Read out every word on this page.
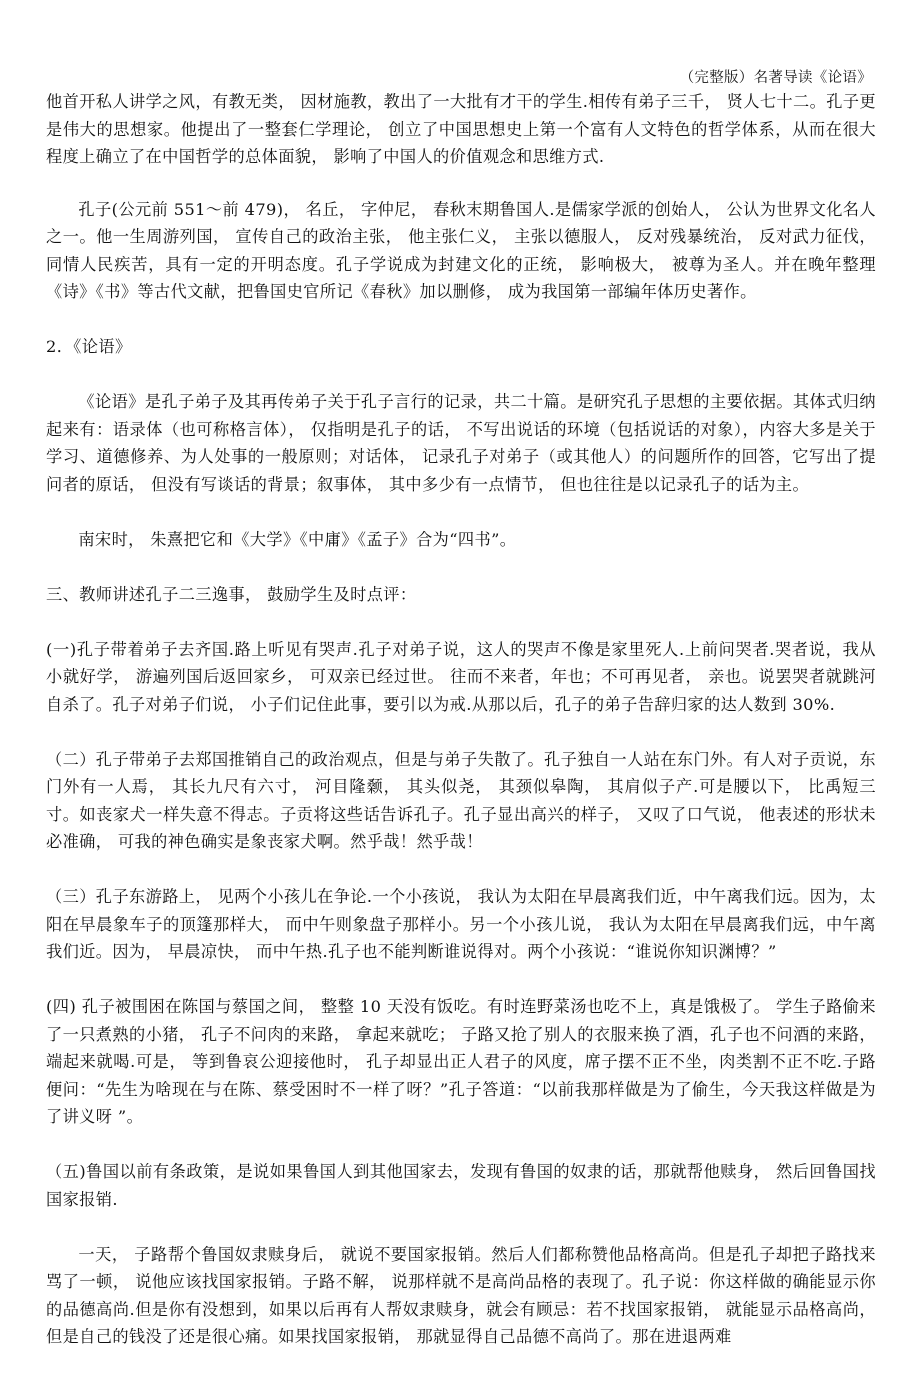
（完整版）名著导读《论语》

他首开私人讲学之风，有教无类， 因材施教，教出了一大批有才干的学生.相传有弟子三千， 贤人七十二。孔子更是伟大的思想家。他提出了一整套仁学理论， 创立了中国思想史上第一个富有人文特色的哲学体系，从而在很大程度上确立了在中国哲学的总体面貌， 影响了中国人的价值观念和思维方式.

孔子(公元前 551～前 479)， 名丘， 字仲尼， 春秋末期鲁国人.是儒家学派的创始人， 公认为世界文化名人之一。他一生周游列国， 宣传自己的政治主张， 他主张仁义， 主张以德服人， 反对残暴统治， 反对武力征伐， 同情人民疾苦，具有一定的开明态度。孔子学说成为封建文化的正统， 影响极大， 被尊为圣人。并在晚年整理《诗》《书》等古代文献，把鲁国史官所记《春秋》加以删修， 成为我国第一部编年体历史著作。

2．《论语》

《论语》是孔子弟子及其再传弟子关于孔子言行的记录，共二十篇。是研究孔子思想的主要依据。其体式归纳起来有：语录体（也可称格言体）， 仅指明是孔子的话， 不写出说话的环境（包括说话的对象），内容大多是关于学习、道德修养、为人处事的一般原则；对话体， 记录孔子对弟子（或其他人）的问题所作的回答，它写出了提问者的原话， 但没有写谈话的背景；叙事体， 其中多少有一点情节， 但也往往是以记录孔子的话为主。

南宋时， 朱熹把它和《大学》《中庸》《孟子》合为“四书”。

三、教师讲述孔子二三逸事， 鼓励学生及时点评：

(一)孔子带着弟子去齐国.路上听见有哭声.孔子对弟子说，这人的哭声不像是家里死人.上前问哭者.哭者说，我从小就好学， 游遍列国后返回家乡， 可双亲已经过世。 往而不来者，年也；不可再见者， 亲也。说罢哭者就跳河自杀了。孔子对弟子们说， 小子们记住此事，要引以为戒.从那以后，孔子的弟子告辞归家的达人数到 30%.

（二）孔子带弟子去郑国推销自己的政治观点，但是与弟子失散了。孔子独自一人站在东门外。有人对子贡说，东门外有一人焉， 其长九尺有六寸， 河目隆颡， 其头似尧， 其颈似皋陶， 其肩似子产.可是腰以下， 比禹短三寸。如丧家犬一样失意不得志。子贡将这些话告诉孔子。孔子显出高兴的样子， 又叹了口气说， 他表述的形状未必准确， 可我的神色确实是象丧家犬啊。然乎哉！然乎哉！

（三）孔子东游路上， 见两个小孩儿在争论.一个小孩说， 我认为太阳在早晨离我们近，中午离我们远。因为，太阳在早晨象车子的顶篷那样大， 而中午则象盘子那样小。另一个小孩儿说， 我认为太阳在早晨离我们远，中午离我们近。因为， 早晨凉快， 而中午热.孔子也不能判断谁说得对。两个小孩说：“谁说你知识渊博？”

(四) 孔子被围困在陈国与蔡国之间， 整整 10 天没有饭吃。有时连野菜汤也吃不上，真是饿极了。 学生子路偷来了一只煮熟的小猪， 孔子不问肉的来路， 拿起来就吃； 子路又抢了别人的衣服来换了酒，孔子也不问酒的来路， 端起来就喝.可是， 等到鲁哀公迎接他时， 孔子却显出正人君子的风度，席子摆不正不坐，肉类割不正不吃.子路便问：“先生为啥现在与在陈、蔡受困时不一样了呀？”孔子答道：“以前我那样做是为了偷生，今天我这样做是为了讲义呀 ”。

（五)鲁国以前有条政策，是说如果鲁国人到其他国家去，发现有鲁国的奴隶的话，那就帮他赎身， 然后回鲁国找国家报销.

一天， 子路帮个鲁国奴隶赎身后， 就说不要国家报销。然后人们都称赞他品格高尚。但是孔子却把子路找来骂了一顿， 说他应该找国家报销。子路不解， 说那样就不是高尚品格的表现了。孔子说：你这样做的确能显示你的品德高尚.但是你有没想到，如果以后再有人帮奴隶赎身，就会有顾忌：若不找国家报销， 就能显示品格高尚，但是自己的钱没了还是很心痛。如果找国家报销， 那就显得自己品德不高尚了。那在进退两难
